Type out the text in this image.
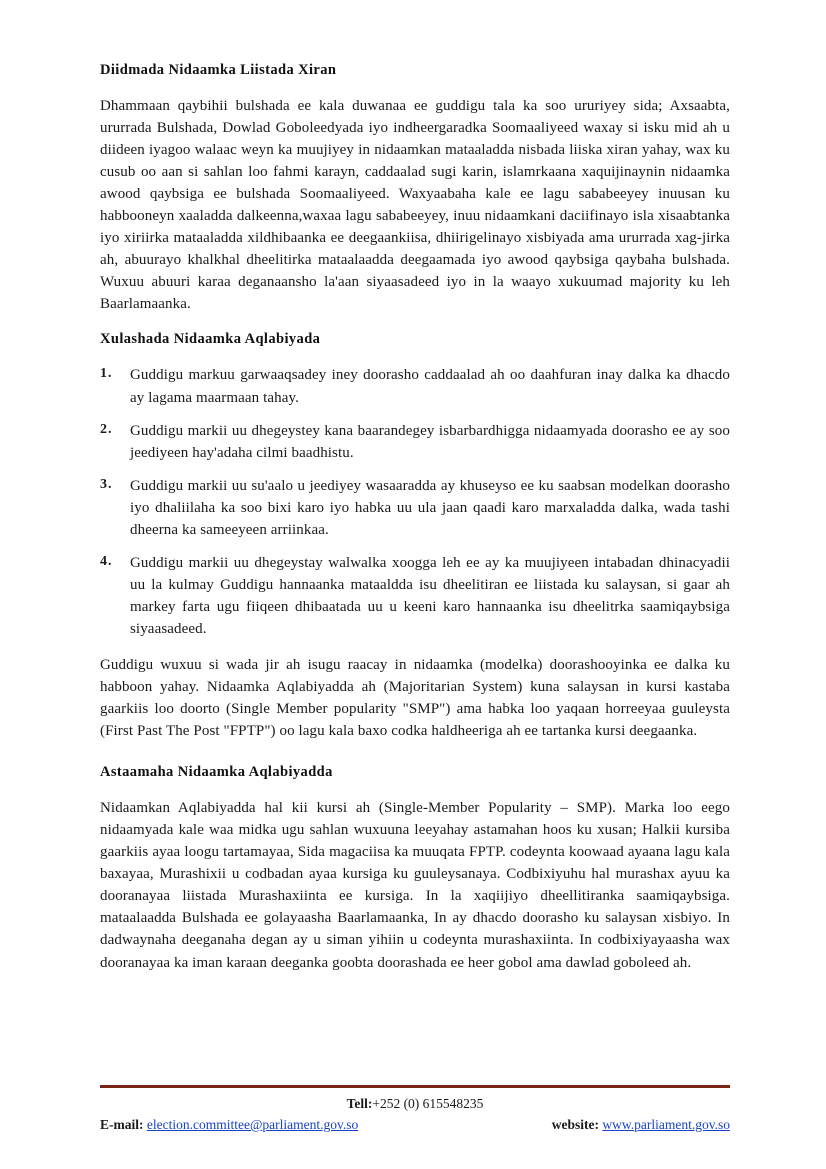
Diidmada Nidaamka Liistada Xiran

Dhammaan qaybihii bulshada ee kala duwanaa ee guddigu tala ka soo ururiyey sida; Axsaabta, ururrada Bulshada, Dowlad Goboleedyada iyo indheergaradka Soomaaliyeed waxay si isku mid ah u diideen iyagoo walaac weyn ka muujiyey in nidaamkan mataaladda nisbada liiska xiran yahay, wax ku cusub oo aan si sahlan loo fahmi karayn, caddaalad sugi karin, islamrkaana xaquijinaynin nidaamka awood qaybsiga ee bulshada Soomaaliyeed. Waxyaabaha kale ee lagu sababeeyey inuusan ku habbooneyn xaaladda dalkeenna,waxaa lagu sababeeyey, inuu nidaamkani daciifinayo isla xisaabtanka iyo xiriirka mataaladda xildhibaanka ee deegaankiisa, dhiirigelinayo xisbiyada ama ururrada xag-jirka ah, abuurayo khalkhal dheelitirka mataalaadda deegaamada iyo awood qaybsiga qaybaha bulshada. Wuxuu abuuri karaa deganaansho la'aan siyaasadeed iyo in la waayo xukuumad majority ku leh Baarlamaanka.

Xulashada Nidaamka Aqlabiyada
1. Guddigu markuu garwaaqsadey iney doorasho caddaalad ah oo daahfuran inay dalka ka dhacdo ay lagama maarmaan tahay.
2. Guddigu markii uu dhegeystey kana baarandegey isbarbardhigga nidaamyada doorasho ee ay soo jeediyeen hay'adaha cilmi baadhistu.
3. Guddigu markii uu su'aalo u jeediyey wasaaradda ay khuseyso ee ku saabsan modelkan doorasho iyo dhaliilaha ka soo bixi karo iyo habka uu ula jaan qaadi karo marxaladda dalka, wada tashi dheerna ka sameeyeen arriinkaa.
4. Guddigu markii uu dhegeystay walwalka xoogga leh ee ay ka muujiyeen intabadan dhinacyadii uu la kulmay Guddigu hannaanka mataaldda isu dheelitiran ee liistada ku salaysan, si gaar ah markey farta ugu fiiqeen dhibaatada uu u keeni karo hannaanka isu dheelitrka saamiqaybsiga siyaasadeed.

Guddigu wuxuu si wada jir ah isugu raacay in nidaamka (modelka) doorashooyinka ee dalka ku habboon yahay. Nidaamka Aqlabiyadda ah (Majoritarian System) kuna salaysan in kursi kastaba gaarkiis loo doorto (Single Member popularity "SMP") ama habka loo yaqaan horreeyaa guuleysta (First Past The Post "FPTP") oo lagu kala baxo codka haldheeriga ah ee tartanka kursi deegaanka.

Astaamaha Nidaamka Aqlabiyadda

Nidaamkan Aqlabiyadda hal kii kursi ah (Single-Member Popularity – SMP). Marka loo eego nidaamyada kale waa midka ugu sahlan wuxuuna leeyahay astamahan hoos ku xusan; Halkii kursiba gaarkiis ayaa loogu tartamayaa, Sida magaciisa ka muuqata FPTP. codeynta koowaad ayaana lagu kala baxayaa, Murashixii u codbadan ayaa kursiga ku guuleysanaya. Codbixiyuhu hal murashax ayuu ka dooranayaa liistada Murashaxiinta ee kursiga. In la xaqiijiyo dheellitiranka saamiqaybsiga. mataalaadda Bulshada ee golayaasha Baarlamaanka, In ay dhacdo doorasho ku salaysan xisbiyo. In dadwaynaha deeganaha degan ay u siman yihiin u codeynta murashaxiinta. In codbixiyayaasha wax dooranayaa ka iman karaan deeganka goobta doorashada ee heer gobol ama dawlad goboleed ah.

Tell:+252 (0) 615548235
E-mail: election.committee@parliament.gov.so	website: www.parliament.gov.so
